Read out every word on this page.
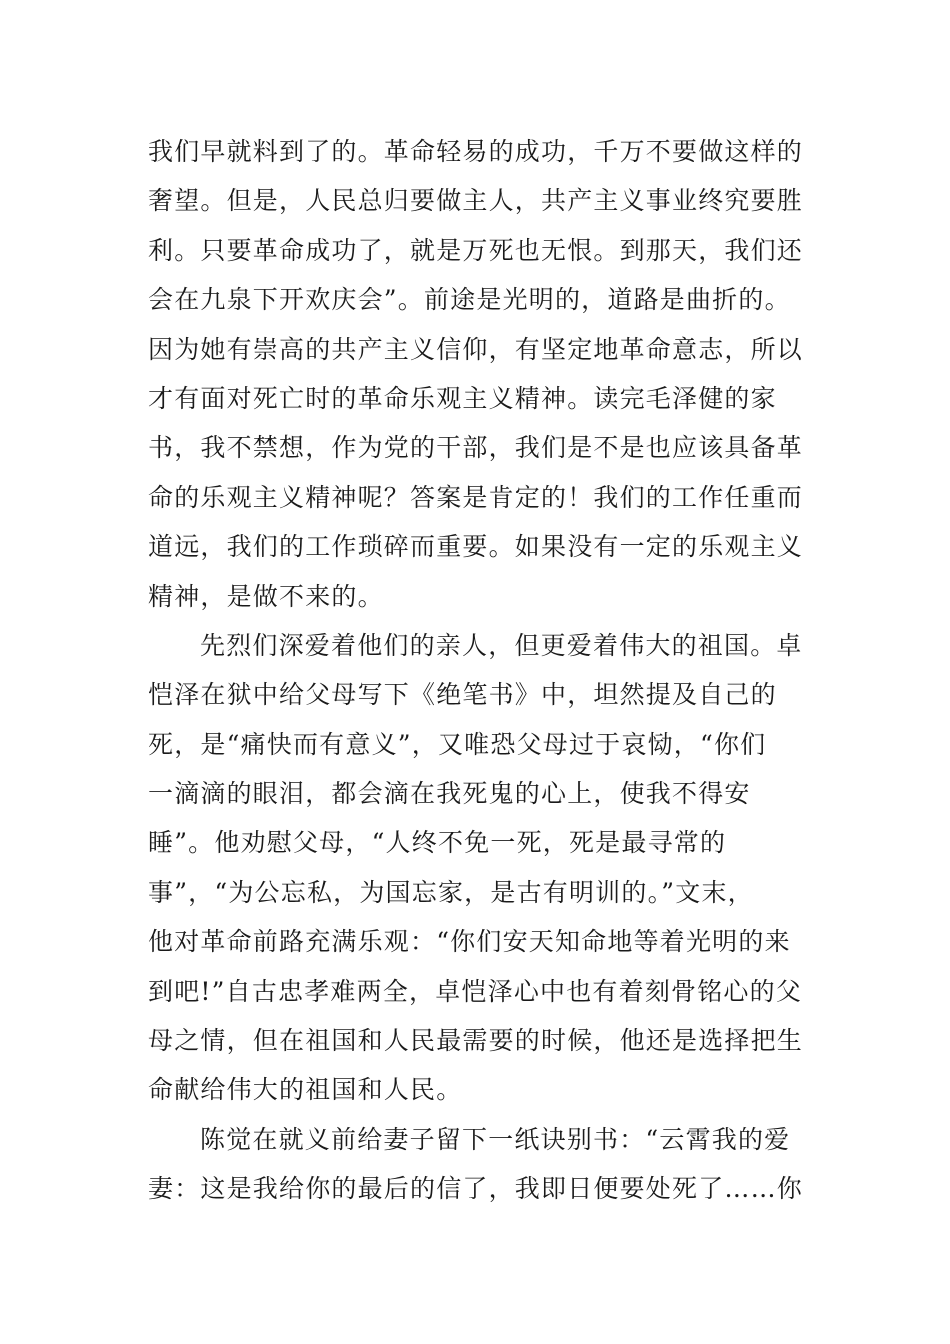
我们早就料到了的。革命轻易的成功，千万不要做这样的
奢望。但是，人民总归要做主人，共产主义事业终究要胜
利。只要革命成功了，就是万死也无恨。到那天，我们还
会在九泉下开欢庆会”。前途是光明的，道路是曲折的。
因为她有崇高的共产主义信仰，有坚定地革命意志，所以
才有面对死亡时的革命乐观主义精神。读完毛泽健的家
书，我不禁想，作为党的干部，我们是不是也应该具备革
命的乐观主义精神呢？答案是肯定的！我们的工作任重而
道远，我们的工作琐碎而重要。如果没有一定的乐观主义
精神，是做不来的。
先烈们深爱着他们的亲人，但更爱着伟大的祖国。卓
恺泽在狱中给父母写下《绝笔书》中，坦然提及自己的
死，是“痛快而有意义”，又唯恐父母过于哀恸，“你们
一滴滴的眼泪，都会滴在我死鬼的心上，使我不得安
睡”。他劝慰父母，“人终不免一死，死是最寻常的
事”，“为公忘私，为国忘家，是古有明训的。”文末，
他对革命前路充满乐观：“你们安天知命地等着光明的来
到吧!”自古忠孝难两全，卓恺泽心中也有着刻骨铭心的父
母之情，但在祖国和人民最需要的时候，他还是选择把生
命献给伟大的祖国和人民。
陈觉在就义前给妻子留下一纸诀别书：“云霄我的爱
妻：这是我给你的最后的信了，我即日便要处死了……你
